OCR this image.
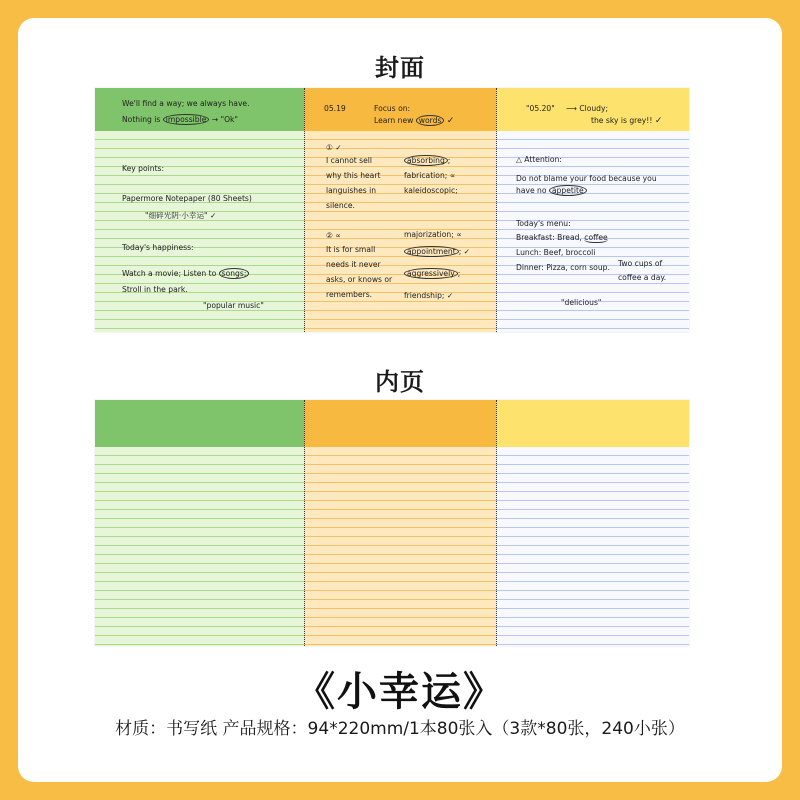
封面
We'll find a way; we always have.
Nothing is impossible → "Ok"
Key points:
Papermore Notepaper (80 Sheets)
"细碎光阴·小幸运" ✓
Today's happiness:
Watch a movie; Listen to songs;
Stroll in the park.
"popular music"
05.19	Focus on:
Learn new words ✓
① ✓
I cannot sell
why this heart
languishes in
silence.
absorbing ;
fabrication; ∝
kaleidoscopic;
② ∝
It is for small
needs it never
asks, or knows or
remembers.
majorization; ∝
appointment ; ✓
aggressively ;
friendship; ✓
"05.20" ⟶ Cloudy;
the sky is grey!! ✓
△ Attention:
Do not blame your food because you
have no appetite
Today's menu:
Breakfast: Bread, coffee
Lunch: Beef, broccoli
Dinner: Pizza, corn soup. Two cups of
coffee a day.
"delicious"
内页
《小幸运》
材质：书写纸 产品规格：94*220mm/1本80张入（3款*80张，240小张）
